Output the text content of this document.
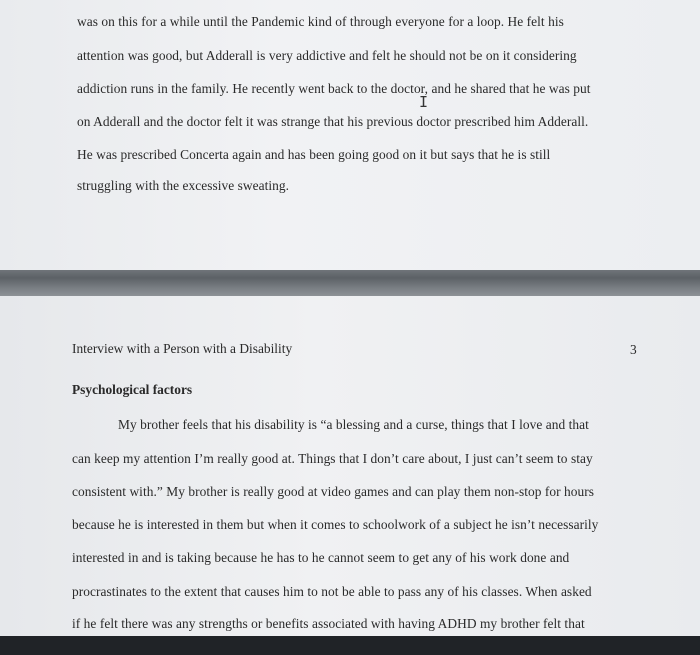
was on this for a while until the Pandemic kind of through everyone for a loop. He felt his
attention was good, but Adderall is very addictive and felt he should not be on it considering
addiction runs in the family. He recently went back to the doctor, and he shared that he was put
on Adderall and the doctor felt it was strange that his previous doctor prescribed him Adderall.
He was prescribed Concerta again and has been going good on it but says that he is still
struggling with the excessive sweating.
I
Interview with a Person with a Disability	3
Psychological factors
My brother feels that his disability is “a blessing and a curse, things that I love and that
can keep my attention I’m really good at. Things that I don’t care about, I just can’t seem to stay
consistent with.” My brother is really good at video games and can play them non-stop for hours
because he is interested in them but when it comes to schoolwork of a subject he isn’t necessarily
interested in and is taking because he has to he cannot seem to get any of his work done and
procrastinates to the extent that causes him to not be able to pass any of his classes. When asked
if he felt there was any strengths or benefits associated with having ADHD my brother felt that
